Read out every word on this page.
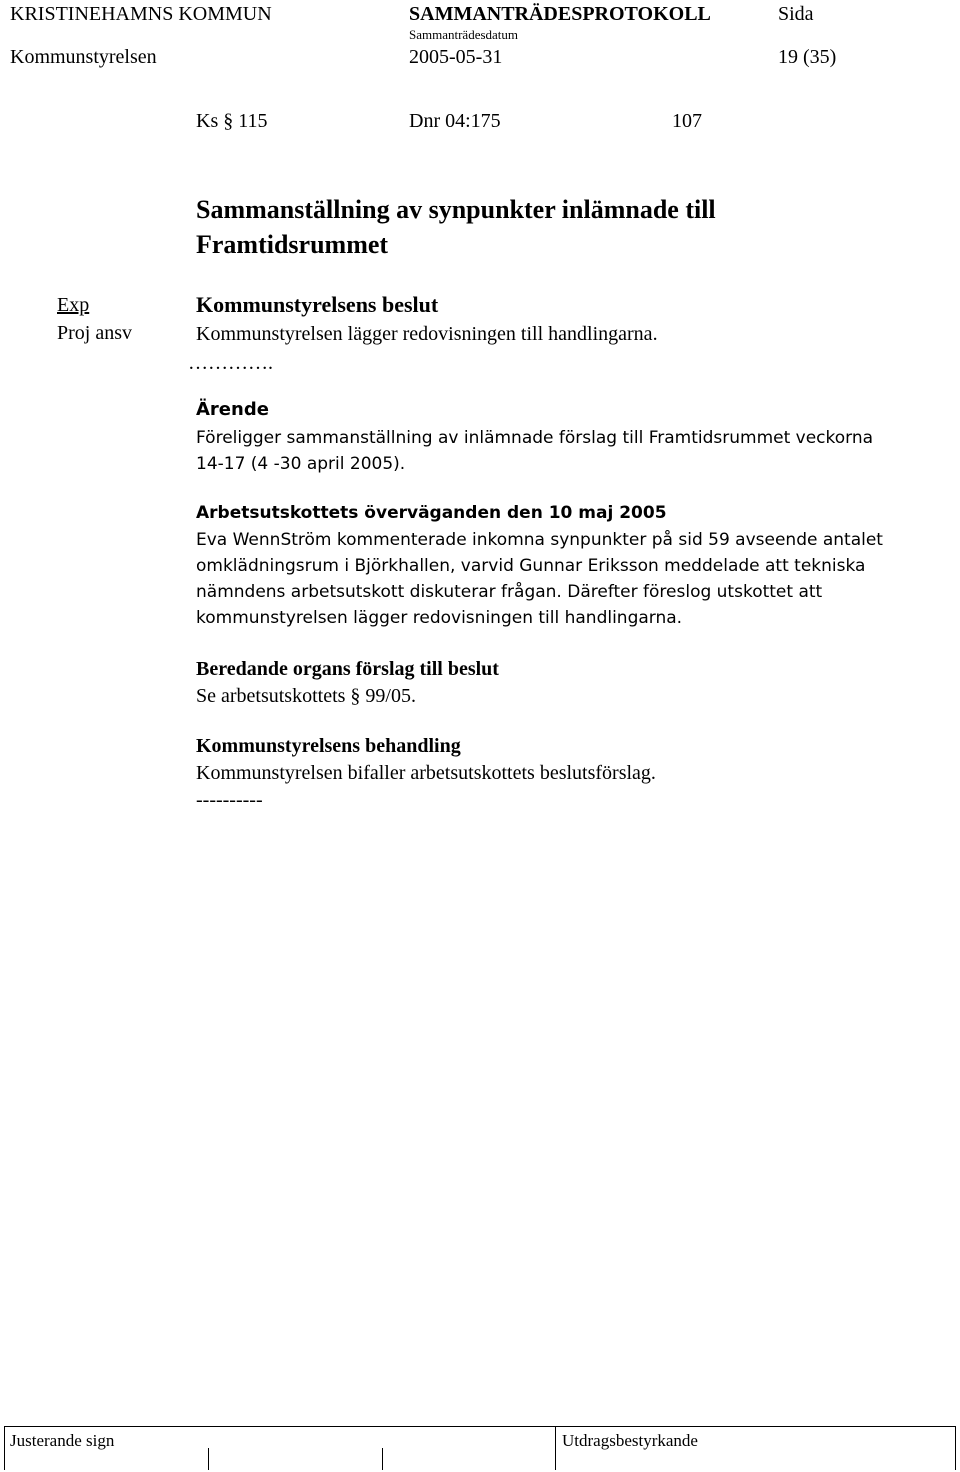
KRISTINEHAMNS KOMMUN	SAMMANTRÄDESPROTOKOLL	Sida
Sammanträdesdatum
Kommunstyrelsen	2005-05-31	19 (35)
Ks § 115	Dnr 04:175	107
Sammanställning av synpunkter inlämnade till
Framtidsrummet
Exp
Proj ansv
Kommunstyrelsens beslut
Kommunstyrelsen lägger redovisningen till handlingarna.
………….
Ärende
Föreligger sammanställning av inlämnade förslag till Framtidsrummet veckorna
14-17 (4 -30 april 2005).
Arbetsutskottets överväganden den 10 maj 2005
Eva WennStröm kommenterade inkomna synpunkter på sid 59 avseende antalet
omklädningsrum i Björkhallen, varvid Gunnar Eriksson meddelade att tekniska
nämndens arbetsutskott diskuterar frågan. Därefter föreslog utskottet att
kommunstyrelsen lägger redovisningen till handlingarna.
Beredande organs förslag till beslut
Se arbetsutskottets § 99/05.
Kommunstyrelsens behandling
Kommunstyrelsen bifaller arbetsutskottets beslutsförslag.
----------
Justerande sign	Utdragsbestyrkande
